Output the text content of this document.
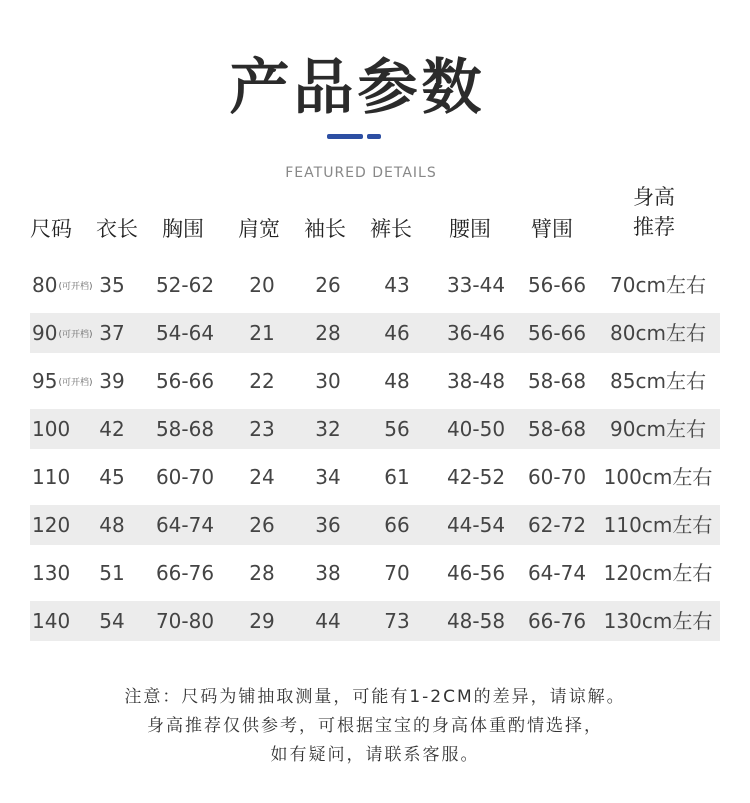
产品参数
FEATURED DETAILS
尺码 衣长 胸围 肩宽 袖长 裤长 腰围 臂围
身高
推荐
80(可开档) 35	52-62	20	26	43	33-44 56-66	70cm左右
90(可开档) 37	54-64	21	28	46	36-46 56-66	80cm左右
95(可开档) 39	56-66	22	30	48	38-48 58-68	85cm左右
100	42	58-68	23	32	56	40-50 58-68	90cm左右
110	45	60-70	24	34	61	42-52 60-70 100cm左右
120	48	64-74	26	36	66	44-54 62-72 110cm左右
130	51	66-76	28	38	70	46-56 64-74 120cm左右
140	54	70-80	29	44	73	48-58 66-76 130cm左右
注意：尺码为铺抽取测量，可能有1-2CM的差异，请谅解。
身高推荐仅供参考，可根据宝宝的身高体重酌情选择，
如有疑问，请联系客服。
